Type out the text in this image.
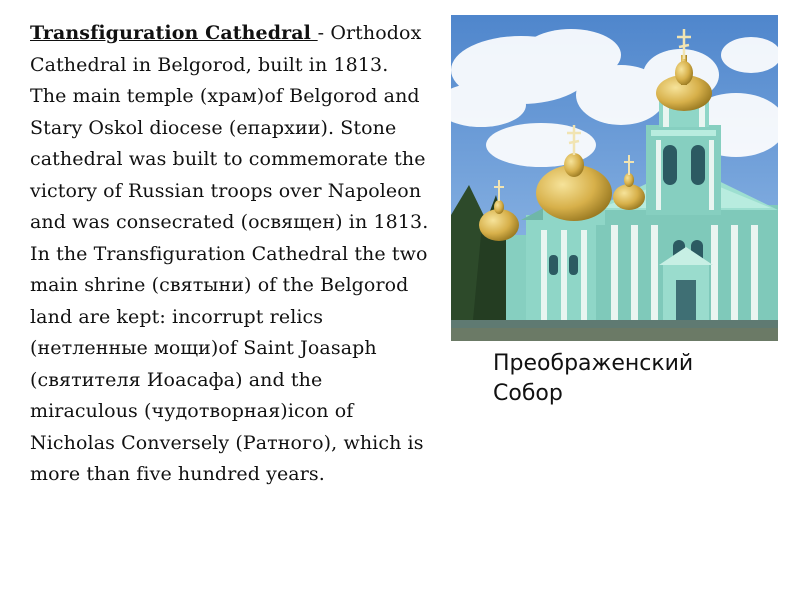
Transfiguration Cathedral - Orthodox Cathedral in Belgorod, built in 1813. The main temple (храм)of Belgorod and Stary Oskol diocese (епархии). Stone cathedral was built to commemorate the victory of Russian troops over Napoleon and was consecrated (освящен) in 1813. In the Transfiguration Cathedral the two main shrine (святыни) of the Belgorod land are kept: incorrupt relics (нетленные мощи)of Saint Joasaph (святителя Иоасафа) and the miraculous (чудотворная)icon of Nicholas Conversely (Ратного), which is more than five hundred years.
Преображенский
Собор
